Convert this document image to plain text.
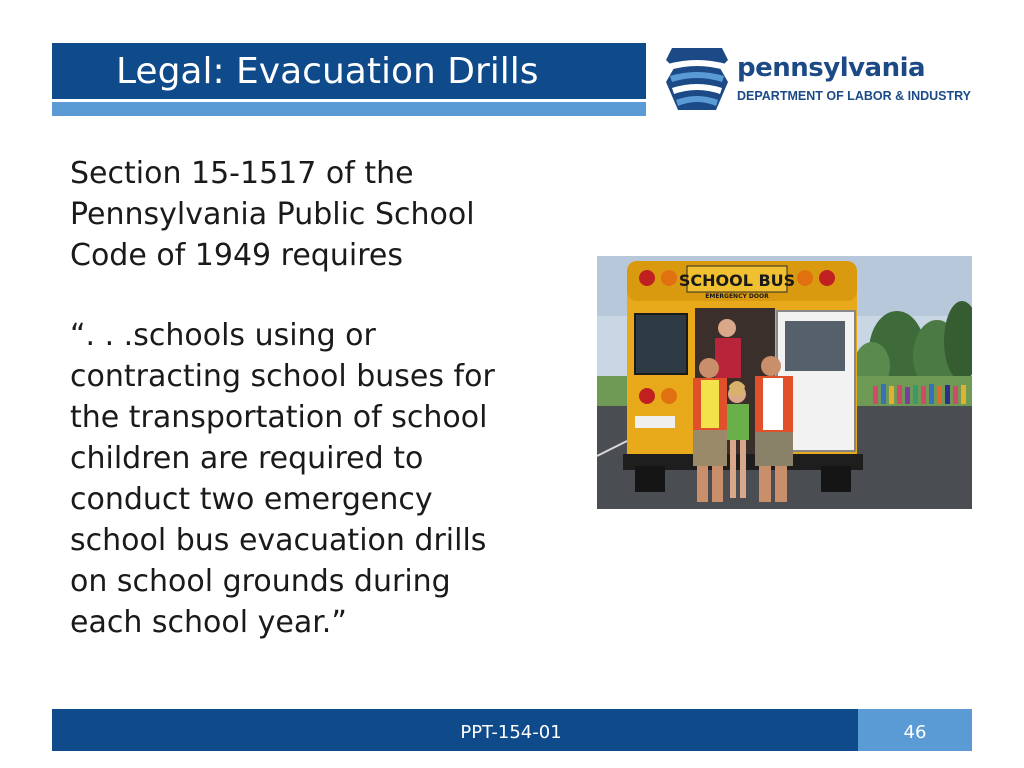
Legal: Evacuation Drills	pennsylvania
DEPARTMENT OF LABOR & INDUSTRY

Section 15-1517 of the
Pennsylvania Public School
Code of 1949 requires

“. . .schools using or
contracting school buses for
the transportation of school
children are required to
conduct two emergency
school bus evacuation drills
on school grounds during
each school year.”

SCHOOL BUS
EMERGENCY DOOR
PPT-154-01	46
